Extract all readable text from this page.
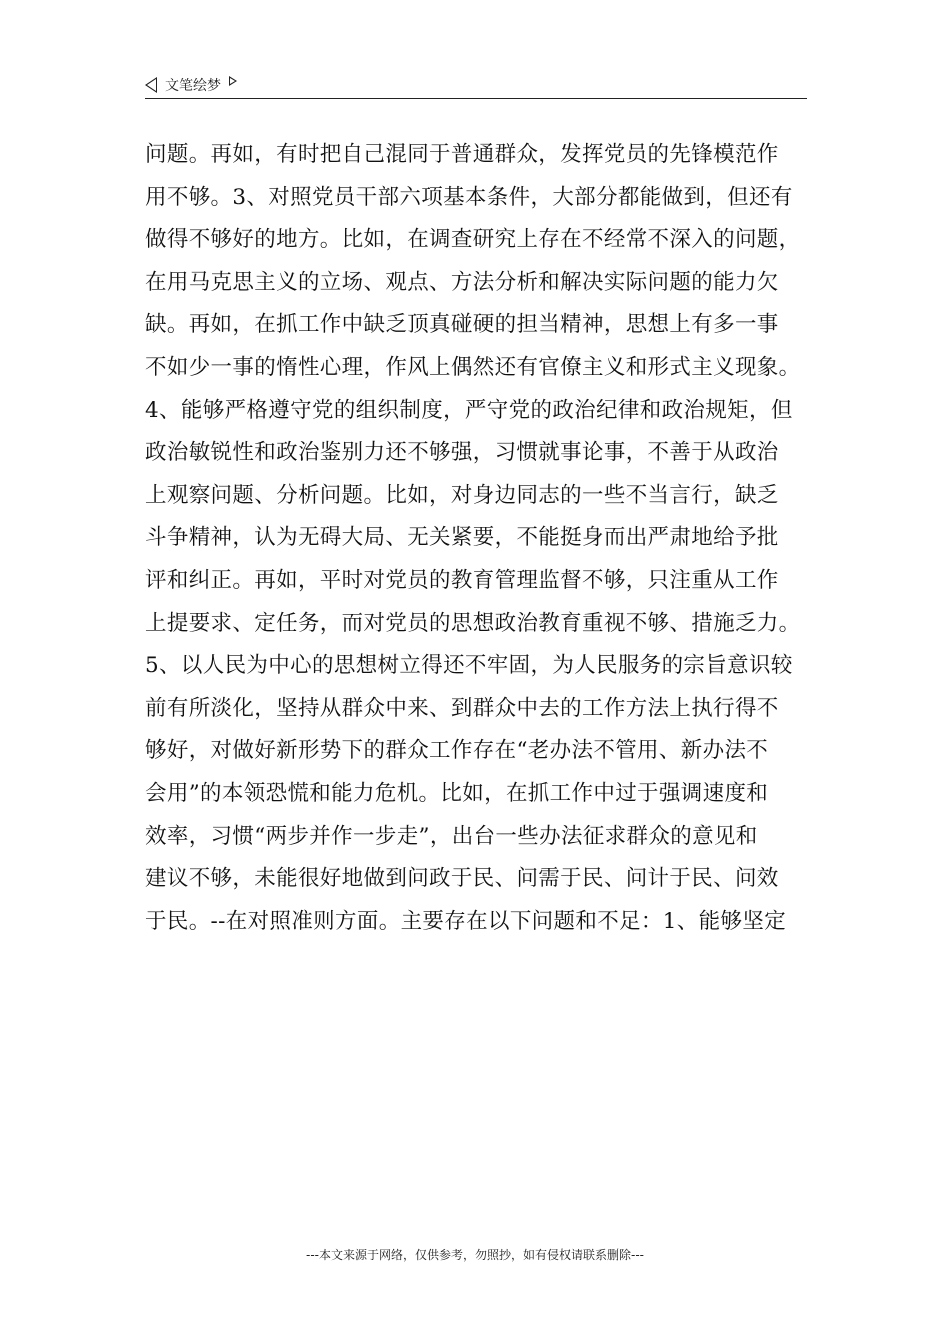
文笔绘梦
问题。再如，有时把自己混同于普通群众，发挥党员的先锋模范作
用不够。3、对照党员干部六项基本条件，大部分都能做到，但还有
做得不够好的地方。比如，在调查研究上存在不经常不深入的问题，
在用马克思主义的立场、观点、方法分析和解决实际问题的能力欠
缺。再如，在抓工作中缺乏顶真碰硬的担当精神，思想上有多一事
不如少一事的惰性心理，作风上偶然还有官僚主义和形式主义现象。
4、能够严格遵守党的组织制度，严守党的政治纪律和政治规矩，但
政治敏锐性和政治鉴别力还不够强，习惯就事论事，不善于从政治
上观察问题、分析问题。比如，对身边同志的一些不当言行，缺乏
斗争精神，认为无碍大局、无关紧要，不能挺身而出严肃地给予批
评和纠正。再如，平时对党员的教育管理监督不够，只注重从工作
上提要求、定任务，而对党员的思想政治教育重视不够、措施乏力。
5、以人民为中心的思想树立得还不牢固，为人民服务的宗旨意识较
前有所淡化，坚持从群众中来、到群众中去的工作方法上执行得不
够好，对做好新形势下的群众工作存在“老办法不管用、新办法不
会用”的本领恐慌和能力危机。比如，在抓工作中过于强调速度和
效率，习惯“两步并作一步走”，出台一些办法征求群众的意见和
建议不够，未能很好地做到问政于民、问需于民、问计于民、问效
于民。--在对照准则方面。主要存在以下问题和不足：1、能够坚定
---本文来源于网络，仅供参考，勿照抄，如有侵权请联系删除---
